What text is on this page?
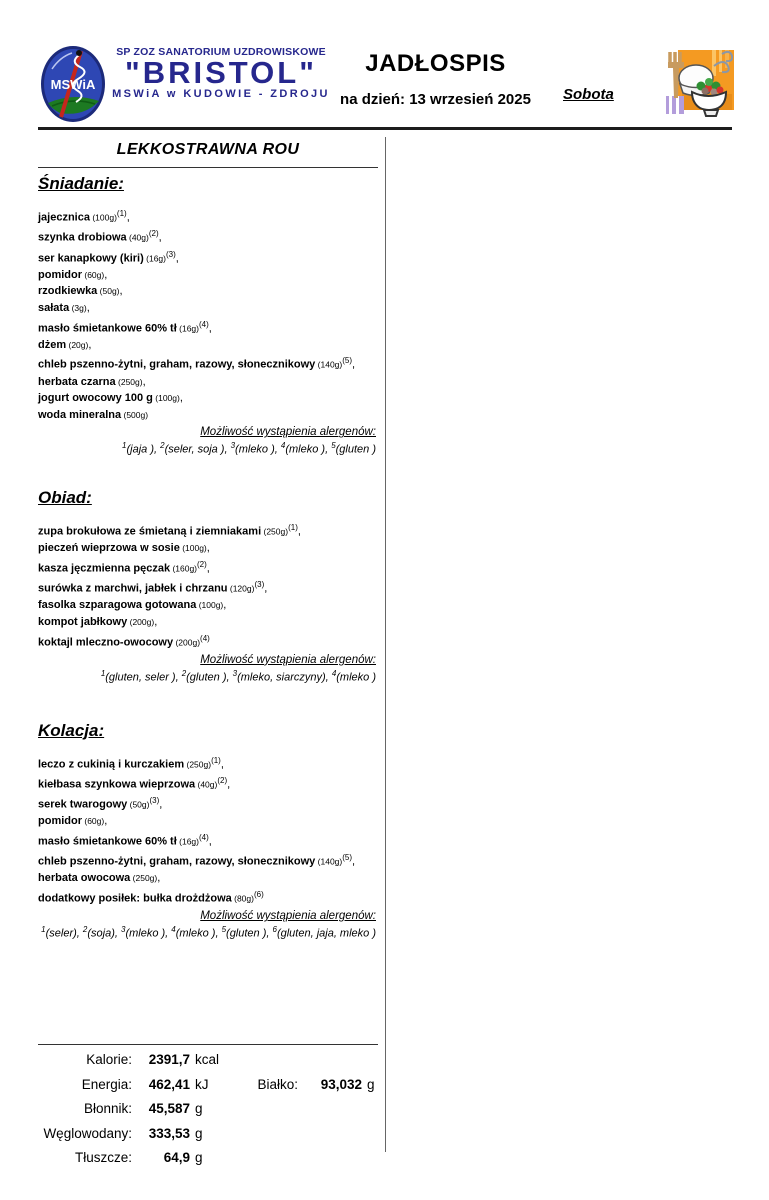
MSWiA
SP ZOZ SANATORIUM UZDROWISKOWE
"BRISTOL"
MSWiA w KUDOWIE - ZDROJU
JADŁOSPIS
na dzień: 13 wrzesień 2025	Sobota
LEKKOSTRAWNA ROU
Śniadanie:
jajecznica $(100g)^{(1)}$,
szynka drobiowa $(40g)^{(2)}$,
ser kanapkowy (kiri) $(16g)^{(3)}$,
pomidor (60g),
rzodkiewka (50g),
sałata (3g),
masło śmietankowe 60% tł $(16g)^{(4)}$,
dżem (20g),
chleb pszenno-żytni, graham, razowy, słonecznikowy $(140g)^{(5)}$,
herbata czarna (250g),
jogurt owocowy 100 g (100g),
woda mineralna (500g)
Możliwość wystąpienia alergenów:
$^1$(jaja ), $^2$(seler, soja ), $^3$(mleko ), $^4$(mleko ), $^5$(gluten )
Obiad:
zupa brokułowa ze śmietaną i ziemniakami $(250g)^{(1)}$,
pieczeń wieprzowa w sosie (100g),
kasza jęczmienna pęczak $(160g)^{(2)}$,
surówka z marchwi, jabłek i chrzanu $(120g)^{(3)}$,
fasolka szparagowa gotowana (100g),
kompot jabłkowy (200g),
koktajl mleczno-owocowy $(200g)^{(4)}$
Możliwość wystąpienia alergenów:
$^1$(gluten, seler ), $^2$(gluten ), $^3$(mleko, siarczyny), $^4$(mleko )
Kolacja:
leczo z cukinią i kurczakiem $(250g)^{(1)}$,
kiełbasa szynkowa wieprzowa $(40g)^{(2)}$,
serek twarogowy $(50g)^{(3)}$,
pomidor (60g),
masło śmietankowe 60% tł $(16g)^{(4)}$,
chleb pszenno-żytni, graham, razowy, słonecznikowy $(140g)^{(5)}$,
herbata owocowa (250g),
dodatkowy posiłek: bułka drożdżowa $(80g)^{(6)}$
Możliwość wystąpienia alergenów:
$^1$(seler), $^2$(soja), $^3$(mleko ), $^4$(mleko ), $^5$(gluten ), $^6$(gluten, jaja, mleko )
Kalorie:	2391,7 kcal
Energia:	462,41 kJ	Białko:	93,032 g
Błonnik:	45,587 g
Węglowodany:	333,53 g
Tłuszcze:	64,9 g
